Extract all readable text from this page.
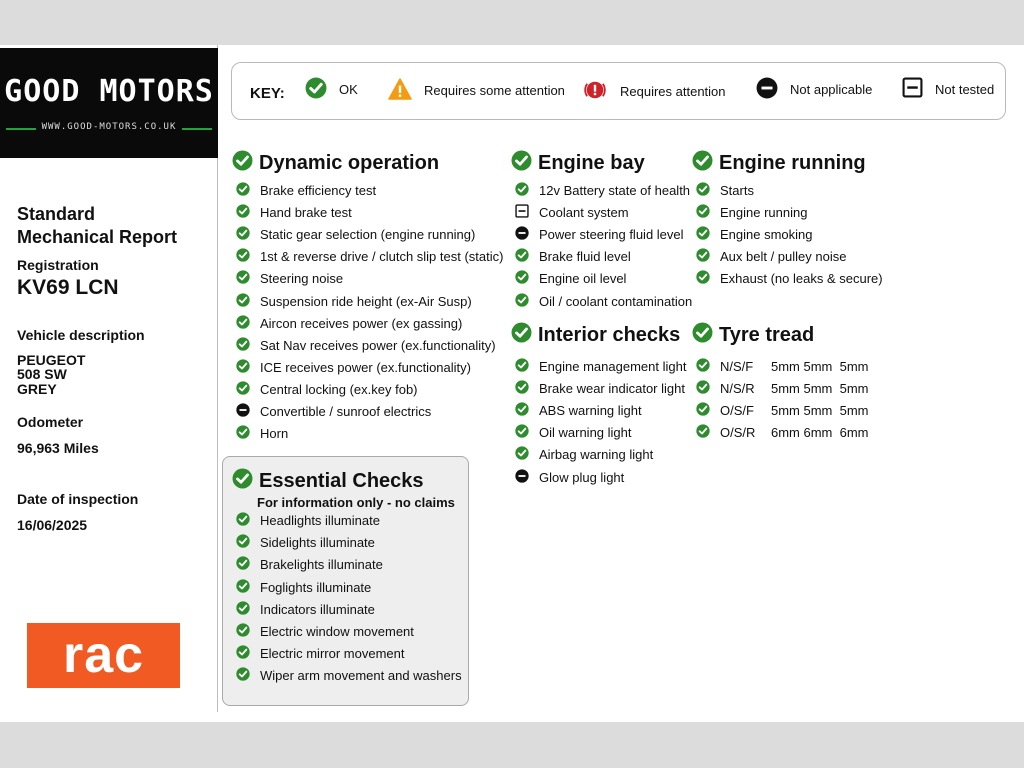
GOOD MOTORS
WWW.GOOD-MOTORS.CO.UK
Standard
Mechanical Report
Registration
KV69 LCN
Vehicle description
PEUGEOT
508 SW
GREY
Odometer
96,963 Miles
Date of inspection
16/06/2025
rac
KEY:	OK	Requires some attention	Requires attention	Not applicable	Not tested
Dynamic operation
Brake efficiency test
Hand brake test
Static gear selection (engine running)
1st & reverse drive / clutch slip test (static)
Steering noise
Suspension ride height (ex-Air Susp)
Aircon receives power (ex gassing)
Sat Nav receives power (ex.functionality)
ICE receives power (ex.functionality)
Central locking (ex.key fob)
Convertible / sunroof electrics
Horn
Engine bay
12v Battery state of health
Coolant system
Power steering fluid level
Brake fluid level
Engine oil level
Oil / coolant contamination
Engine running
Starts
Engine running
Engine smoking
Aux belt / pulley noise
Exhaust (no leaks & secure)
Interior checks
Engine management light
Brake wear indicator light
ABS warning light
Oil warning light
Airbag warning light
Glow plug light
Tyre tread
N/S/F	5mm 5mm  5mm
N/S/R	5mm 5mm  5mm
O/S/F	5mm 5mm  5mm
O/S/R	6mm 6mm  6mm
Essential Checks
Headlights illuminate
Sidelights illuminate
Brakelights illuminate
Foglights illuminate
Indicators illuminate
Electric window movement
Electric mirror movement
Wiper arm movement and washers
For information only - no claims
